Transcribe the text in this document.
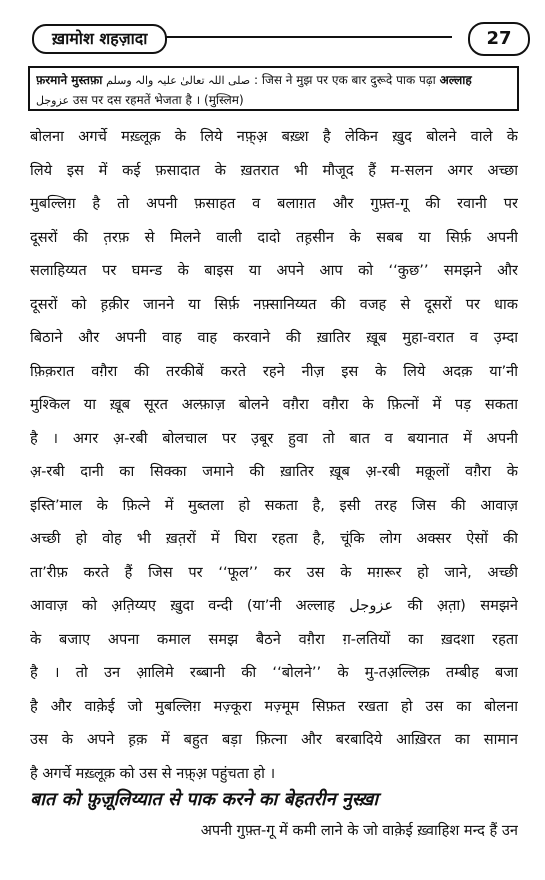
ख़ामोश शहज़ादा	27
फ़रमाने मुस्तफ़ा صلی اللہ تعالیٰ علیہ والہ وسلم : जिस ने मुझ पर एक बार दुरूदे पाक पढ़ा अल्लाह
عزوجل उस पर दस रहमतें भेजता है । (मुस्लिम)
बोलना अगर्चे मख़्लूक़ के लिये नफ़्अ़ बख़्श है लेकिन ख़ुद बोलने वाले के
लिये इस में कई फ़सादात के ख़तरात भी मौजूद हैं म-सलन अगर अच्छा
मुबल्लिग़ है तो अपनी फ़साहत व बलाग़त और गुफ़्त-गू की रवानी पर
दूसरों की त़रफ़ से मिलने वाली दादो तह़सीन के सबब या सिर्फ़ अपनी
सलाहिय्यत पर घमन्ड के बाइस या अपने आप को ‘‘कुछ’’ समझने और
दूसरों को ह़क़ीर जानने या सिर्फ़ नफ़्सानिय्यत की वजह से दूसरों पर धाक
बिठाने और अपनी वाह वाह करवाने की ख़ातिर ख़ूब मुहा-वरात व उ़म्दा
फ़िक़रात वग़ैरा की तरकीबें करते रहने नीज़ इस के लिये अदक़ या’नी
मुश्किल या ख़ूब सूरत अल्फ़ाज़ बोलने वग़ैरा वग़ैरा के फ़ित्नों में पड़ सकता
है । अगर अ़-रबी बोलचाल पर उ़बूर हुवा तो बात व बयानात में अपनी
अ़-रबी दानी का सिक्का जमाने की ख़ातिर ख़ूब अ़-रबी मक़ूलों वग़ैरा के
इस्ति’माल के फ़ित्ने में मुब्तला हो सकता है, इसी तरह जिस की आवाज़
अच्छी हो वोह भी ख़त़रों में घिरा रहता है, चूंकि लोग अक्सर ऐसों की
ता’रीफ़ करते हैं जिस पर ‘‘फूल’’ कर उस के मग़रूर हो जाने, अच्छी
आवाज़ को अ़त़िय्यए ख़ुदा वन्दी (या’नी अल्लाह عزوجل की अ़त़ा) समझने
के बजाए अपना कमाल समझ बैठने वग़ैरा ग़-लतियों का ख़दशा रहता
है । तो उन आ़लिमे रब्बानी की ‘‘बोलने’’ के मु-तअ़ल्लिक़ तम्बीह बजा
है और वाक़ेई जो मुबल्लिग़ मज़्कूरा मज़्मूम सिफ़त रखता हो उस का बोलना
उस के अपने ह़क़ में बहुत बड़ा फ़ित्ना और बरबादिये आख़िरत का सामान
है अगर्चे मख़्लूक़ को उस से नफ़्अ़ पहुंचता हो ।
बात को फ़ुज़ूलिय्यात से पाक करने का बेहतरीन नुस्ख़ा
अपनी गुफ़्त-गू में कमी लाने के जो वाक़ेई ख़्वाहिश मन्द हैं उन
